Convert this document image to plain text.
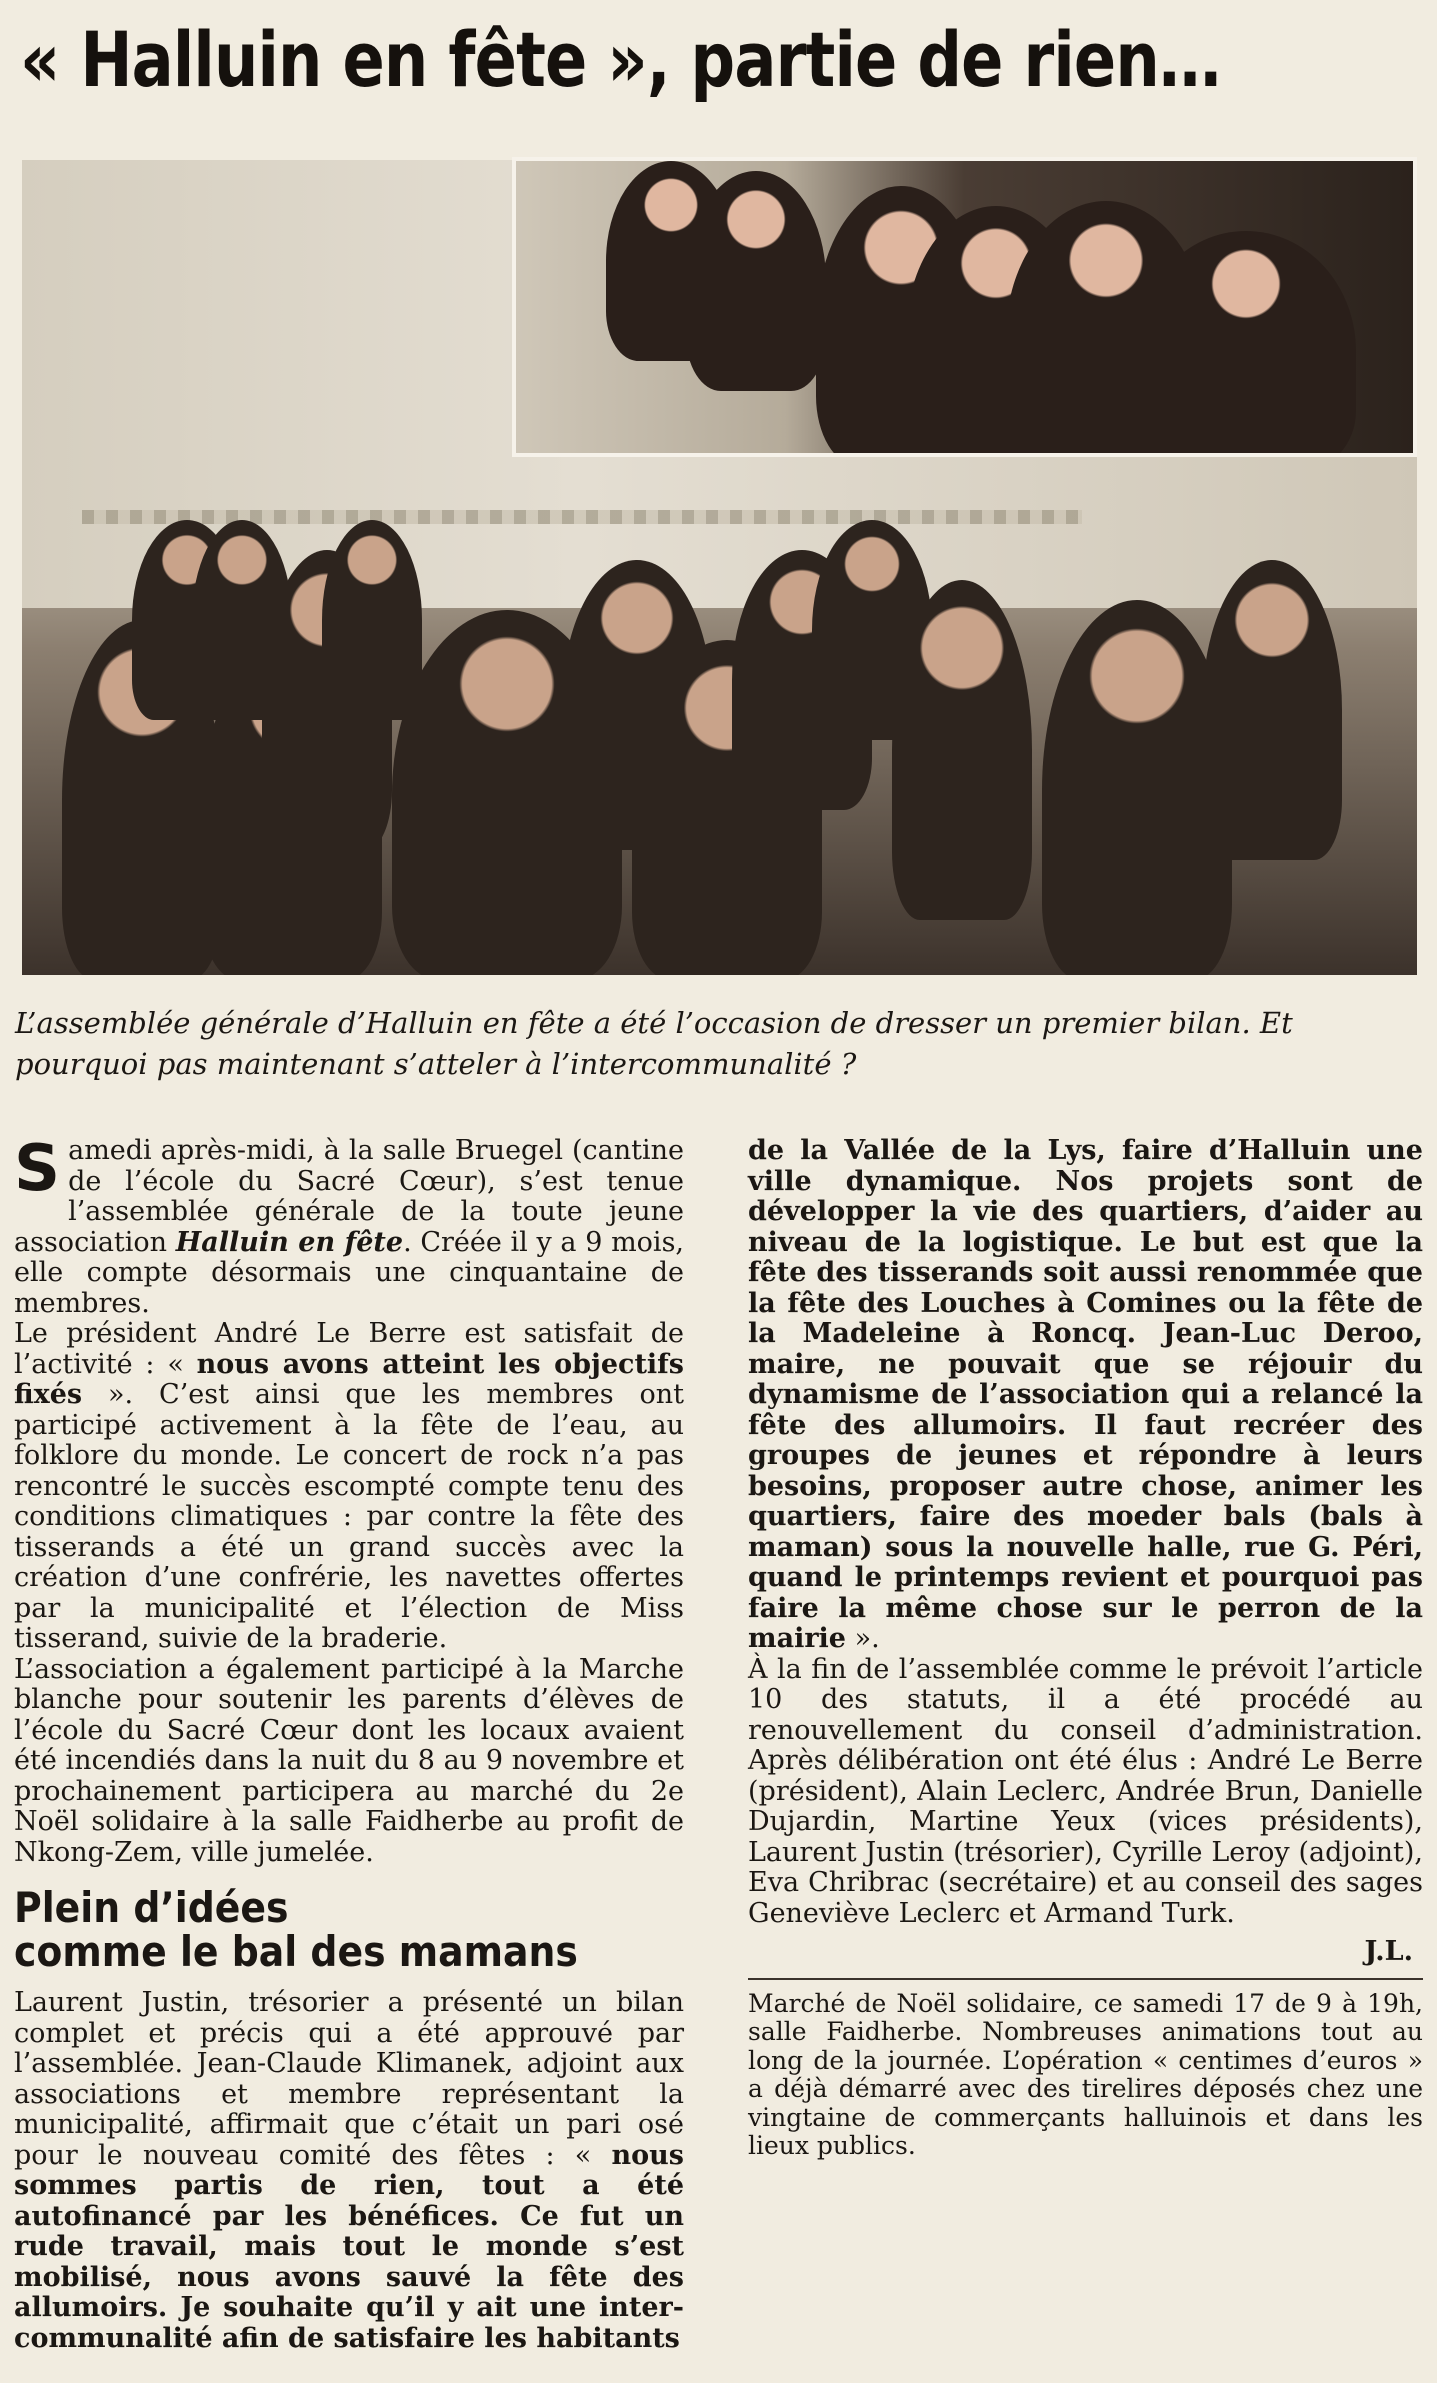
« Halluin en fête », partie de rien…
L’assemblée générale d’Halluin en fête a été l’occasion de dresser un premier bilan. Et pourquoi pas maintenant s’atteler à l’intercommunalité ?

Samedi après-midi, à la salle Bruegel (cantine de l’école du Sacré Cœur), s’est tenue l’assemblée générale de la toute jeune association Halluin en fête. Créée il y a 9 mois, elle compte désormais une cinquantaine de membres.

Le président André Le Berre est satisfait de l’activité : « nous avons atteint les objectifs fixés ». C’est ainsi que les membres ont participé activement à la fête de l’eau, au folklore du monde. Le concert de rock n’a pas rencontré le succès escompté compte tenu des conditions climatiques : par contre la fête des tisserands a été un grand succès avec la création d’une confrérie, les navettes offertes par la municipalité et l’élection de Miss tisserand, suivie de la braderie.

L’association a également participé à la Marche blanche pour soutenir les parents d’élèves de l’école du Sacré Cœur dont les locaux avaient été incendiés dans la nuit du 8 au 9 novembre et prochainement participera au marché du 2e Noël solidaire à la salle Faidherbe au profit de Nkong-Zem, ville jumelée.

Plein d’idées
comme le bal des mamans

Laurent Justin, trésorier a présenté un bilan complet et précis qui a été approuvé par l’assemblée. Jean-Claude Klimanek, adjoint aux associations et membre représentant la municipalité, affirmait que c’était un pari osé pour le nouveau comité des fêtes : « nous sommes partis de rien, tout a été autofinancé par les bénéfices. Ce fut un rude travail, mais tout le monde s’est mobilisé, nous avons sauvé la fête des allumoirs. Je souhaite qu’il y ait une inter-communalité afin de satisfaire les habitants

de la Vallée de la Lys, faire d’Halluin une ville dynamique. Nos projets sont de développer la vie des quartiers, d’aider au niveau de la logistique. Le but est que la fête des tisserands soit aussi renommée que la fête des Louches à Comines ou la fête de la Madeleine à Roncq. Jean-Luc Deroo, maire, ne pouvait que se réjouir du dynamisme de l’association qui a relancé la fête des allumoirs. Il faut recréer des groupes de jeunes et répondre à leurs besoins, proposer autre chose, animer les quartiers, faire des moeder bals (bals à maman) sous la nouvelle halle, rue G. Péri, quand le printemps revient et pourquoi pas faire la même chose sur le perron de la mairie ».

À la fin de l’assemblée comme le prévoit l’article 10 des statuts, il a été procédé au renouvellement du conseil d’administration. Après délibération ont été élus : André Le Berre (président), Alain Leclerc, Andrée Brun, Danielle Dujardin, Martine Yeux (vices présidents), Laurent Justin (trésorier), Cyrille Leroy (adjoint), Eva Chribrac (secrétaire) et au conseil des sages Geneviève Leclerc et Armand Turk.

J.L.

Marché de Noël solidaire, ce samedi 17 de 9 à 19h, salle Faidherbe. Nombreuses animations tout au long de la journée. L’opération « centimes d’euros » a déjà démarré avec des tirelires déposés chez une vingtaine de commerçants halluinois et dans les lieux publics.
